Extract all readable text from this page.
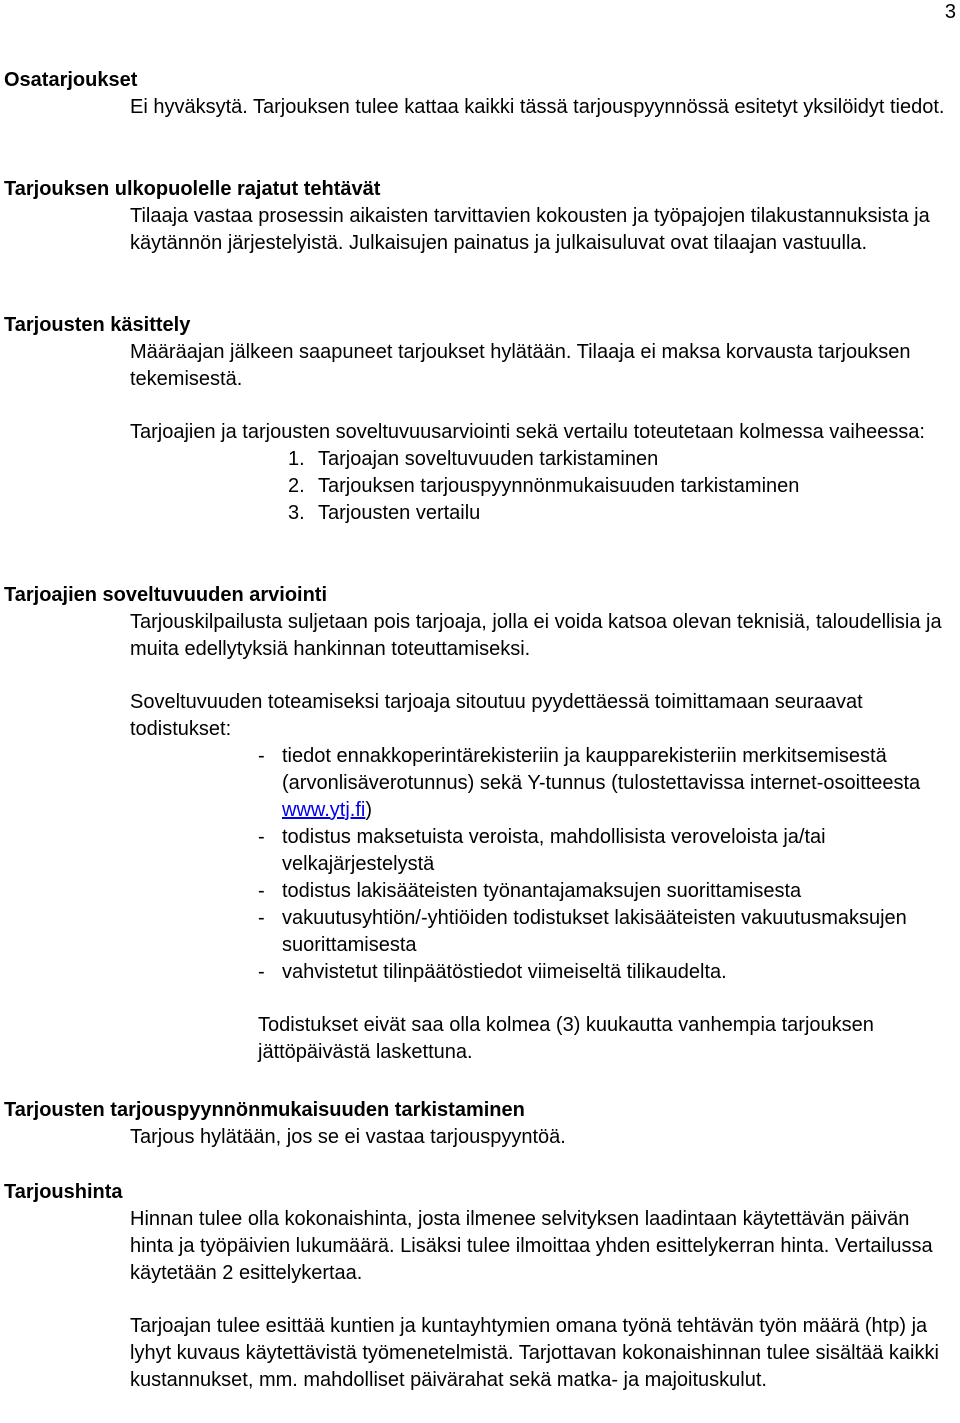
3

Osatarjoukset

Ei hyväksytä. Tarjouksen tulee kattaa kaikki tässä tarjouspyynnössä esitetyt yksilöidyt tiedot.

Tarjouksen ulkopuolelle rajatut tehtävät

Tilaaja vastaa prosessin aikaisten tarvittavien kokousten ja työpajojen tilakustannuksista ja käytännön järjestelyistä. Julkaisujen painatus ja julkaisuluvat ovat tilaajan vastuulla.

Tarjousten käsittely

Määräajan jälkeen saapuneet tarjoukset hylätään. Tilaaja ei maksa korvausta tarjouksen tekemisestä.

Tarjoajien ja tarjousten soveltuvuusarviointi sekä vertailu toteutetaan kolmessa vaiheessa:

1. Tarjoajan soveltuvuuden tarkistaminen
2. Tarjouksen tarjouspyynnönmukaisuuden tarkistaminen
3. Tarjousten vertailu

Tarjoajien soveltuvuuden arviointi

Tarjouskilpailusta suljetaan pois tarjoaja, jolla ei voida katsoa olevan teknisiä, taloudellisia ja muita edellytyksiä hankinnan toteuttamiseksi.

Soveltuvuuden toteamiseksi tarjoaja sitoutuu pyydettäessä toimittamaan seuraavat todistukset:

- tiedot ennakkoperintärekisteriin ja kaupparekisteriin merkitsemisestä (arvonlisäverotunnus) sekä Y-tunnus (tulostettavissa internet-osoitteesta www.ytj.fi)
- todistus maksetuista veroista, mahdollisista veroveloista ja/tai velkajärjestelystä
- todistus lakisääteisten työnantajamaksujen suorittamisesta
- vakuutusyhtiön/-yhtiöiden todistukset lakisääteisten vakuutusmaksujen suorittamisesta
- vahvistetut tilinpäätöstiedot viimeiseltä tilikaudelta.

Todistukset eivät saa olla kolmea (3) kuukautta vanhempia tarjouksen jättöpäivästä laskettuna.

Tarjousten tarjouspyynnönmukaisuuden tarkistaminen

Tarjous hylätään, jos se ei vastaa tarjouspyyntöä.

Tarjoushinta

Hinnan tulee olla kokonaishinta, josta ilmenee selvityksen laadintaan käytettävän päivän hinta ja työpäivien lukumäärä. Lisäksi tulee ilmoittaa yhden esittelykerran hinta. Vertailussa käytetään 2 esittelykertaa.

Tarjoajan tulee esittää kuntien ja kuntayhtymien omana työnä tehtävän työn määrä (htp) ja lyhyt kuvaus käytettävistä työmenetelmistä. Tarjottavan kokonaishinnan tulee sisältää kaikki kustannukset, mm. mahdolliset päivärahat sekä matka- ja majoituskulut.
